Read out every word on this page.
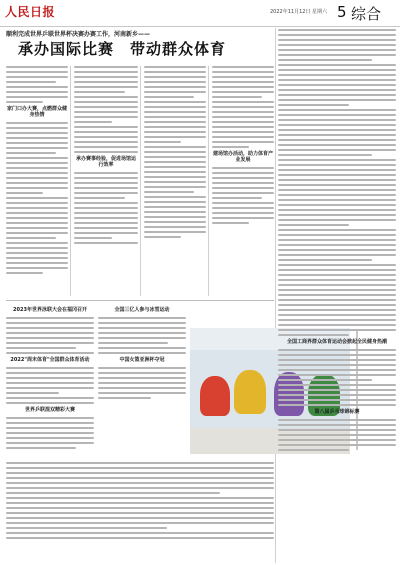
人民日报	2022年11月12日 星期六 5 综合
顺利完成世界乒联世界杯决赛办赛工作，河南新乡——
承办国际比赛　带动群众体育
家门口办大赛，点燃群众健身热情
承办赛事经验，促进场馆运行效率
建场馆办活动，助力体育产业发展
2023年世界泳联大会在福冈召开
2022"周末体育"全国群众体育活动
世界乒联混双精彩大赛
全国三亿人参与冰雪运动
中国女篮亚洲杯夺冠
全国工商界群众体育运动会掀起全民健身热潮
第八届乒乓球锦标赛
